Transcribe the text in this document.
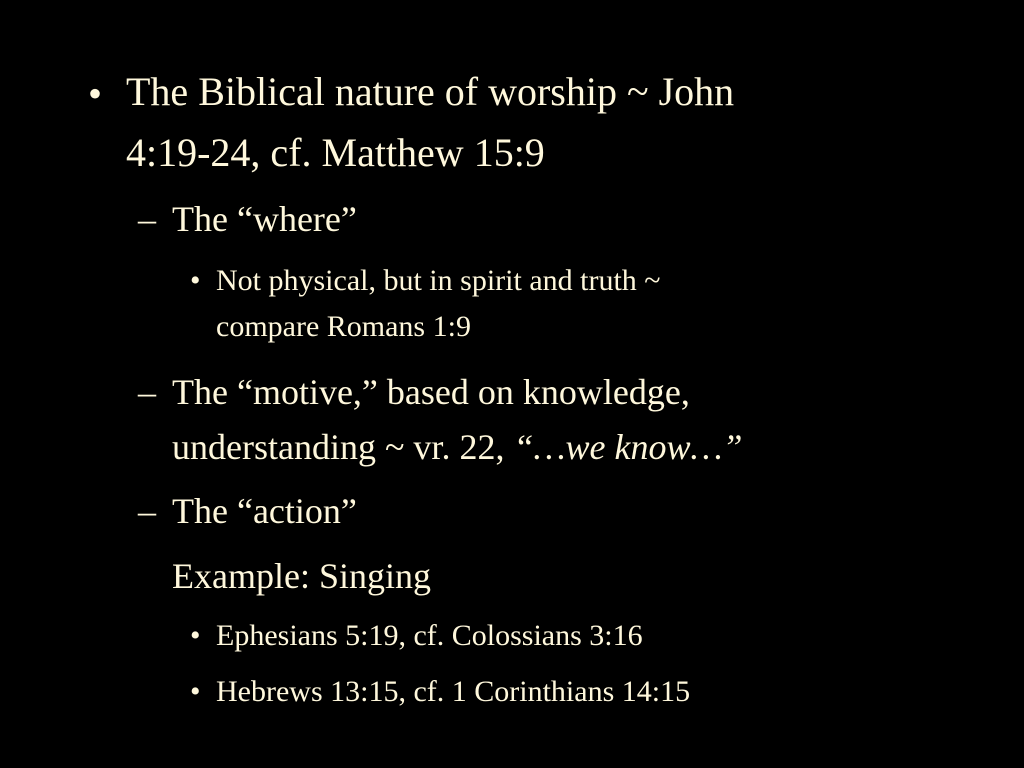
• The Biblical nature of worship ~ John
4:19-24, cf. Matthew 15:9
– The “where”
• Not physical, but in spirit and truth ~
compare Romans 1:9
– The “motive,” based on knowledge,
understanding ~ vr. 22, “…we know…”
– The “action”
Example: Singing
• Ephesians 5:19, cf. Colossians 3:16
• Hebrews 13:15, cf. 1 Corinthians 14:15
